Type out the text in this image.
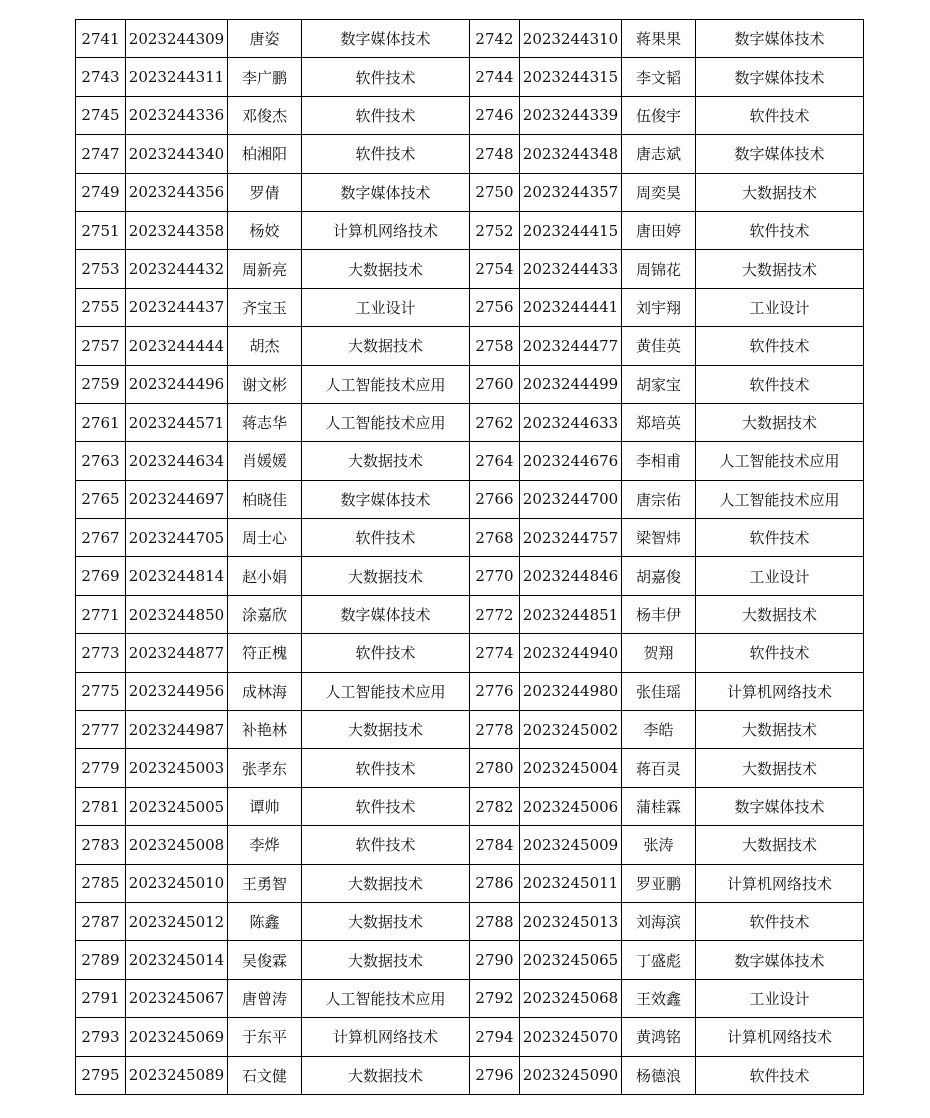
2741	2023244309	唐姿	数字媒体技术	2742	2023244310	蒋果果	数字媒体技术
2743	2023244311	李广鹏	软件技术	2744	2023244315	李文韬	数字媒体技术
2745	2023244336	邓俊杰	软件技术	2746	2023244339	伍俊宇	软件技术
2747	2023244340	柏湘阳	软件技术	2748	2023244348	唐志斌	数字媒体技术
2749	2023244356	罗倩	数字媒体技术	2750	2023244357	周奕昊	大数据技术
2751	2023244358	杨姣	计算机网络技术	2752	2023244415	唐田婷	软件技术
2753	2023244432	周新亮	大数据技术	2754	2023244433	周锦花	大数据技术
2755	2023244437	齐宝玉	工业设计	2756	2023244441	刘宇翔	工业设计
2757	2023244444	胡杰	大数据技术	2758	2023244477	黄佳英	软件技术
2759	2023244496	谢文彬	人工智能技术应用	2760	2023244499	胡家宝	软件技术
2761	2023244571	蒋志华	人工智能技术应用	2762	2023244633	郑培英	大数据技术
2763	2023244634	肖媛媛	大数据技术	2764	2023244676	李相甫	人工智能技术应用
2765	2023244697	柏晓佳	数字媒体技术	2766	2023244700	唐宗佑	人工智能技术应用
2767	2023244705	周士心	软件技术	2768	2023244757	梁智炜	软件技术
2769	2023244814	赵小娟	大数据技术	2770	2023244846	胡嘉俊	工业设计
2771	2023244850	涂嘉欣	数字媒体技术	2772	2023244851	杨丰伊	大数据技术
2773	2023244877	符正槐	软件技术	2774	2023244940	贺翔	软件技术
2775	2023244956	成林海	人工智能技术应用	2776	2023244980	张佳瑶	计算机网络技术
2777	2023244987	补艳林	大数据技术	2778	2023245002	李皓	大数据技术
2779	2023245003	张孝东	软件技术	2780	2023245004	蒋百灵	大数据技术
2781	2023245005	谭帅	软件技术	2782	2023245006	蒲桂霖	数字媒体技术
2783	2023245008	李烨	软件技术	2784	2023245009	张涛	大数据技术
2785	2023245010	王勇智	大数据技术	2786	2023245011	罗亚鹏	计算机网络技术
2787	2023245012	陈鑫	大数据技术	2788	2023245013	刘海滨	软件技术
2789	2023245014	吴俊霖	大数据技术	2790	2023245065	丁盛彪	数字媒体技术
2791	2023245067	唐曾涛	人工智能技术应用	2792	2023245068	王效鑫	工业设计
2793	2023245069	于东平	计算机网络技术	2794	2023245070	黄鸿铭	计算机网络技术
2795	2023245089	石文健	大数据技术	2796	2023245090	杨德浪	软件技术
